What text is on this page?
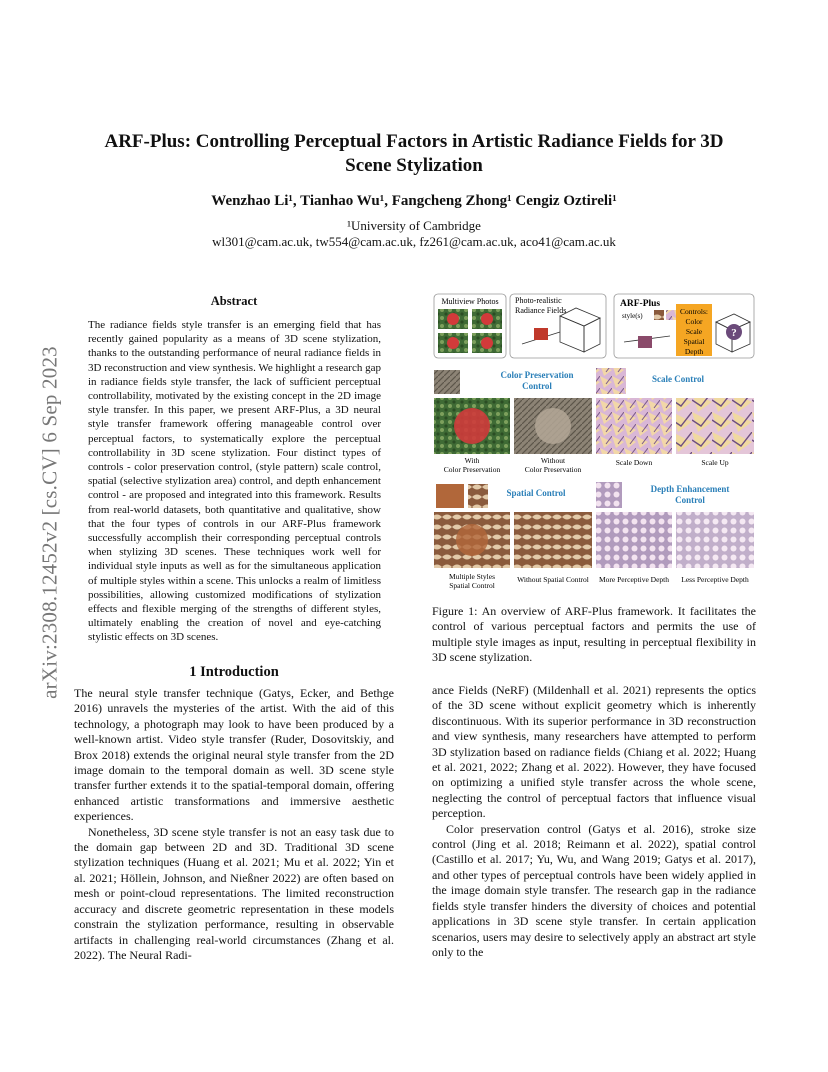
arXiv:2308.12452v2 [cs.CV] 6 Sep 2023
ARF-Plus: Controlling Perceptual Factors in Artistic Radiance Fields for 3D
Scene Stylization
Wenzhao Li¹, Tianhao Wu¹, Fangcheng Zhong¹ Cengiz Oztireli¹
¹University of Cambridge
wl301@cam.ac.uk, tw554@cam.ac.uk, fz261@cam.ac.uk, aco41@cam.ac.uk
Abstract
The radiance fields style transfer is an emerging field that has recently gained popularity as a means of 3D scene stylization, thanks to the outstanding performance of neural radiance fields in 3D reconstruction and view synthesis. We highlight a research gap in radiance fields style transfer, the lack of sufficient perceptual controllability, motivated by the existing concept in the 2D image style transfer. In this paper, we present ARF-Plus, a 3D neural style transfer framework offering manageable control over perceptual factors, to systematically explore the perceptual controllability in 3D scene stylization. Four distinct types of controls - color preservation control, (style pattern) scale control, spatial (selective stylization area) control, and depth enhancement control - are proposed and integrated into this framework. Results from real-world datasets, both quantitative and qualitative, show that the four types of controls in our ARF-Plus framework successfully accomplish their corresponding perceptual controls when stylizing 3D scenes. These techniques work well for individual style inputs as well as for the simultaneous application of multiple styles within a scene. This unlocks a realm of limitless possibilities, allowing customized modifications of stylization effects and flexible merging of the strengths of different styles, ultimately enabling the creation of novel and eye-catching stylistic effects on 3D scenes.
1 Introduction

The neural style transfer technique (Gatys, Ecker, and Bethge 2016) unravels the mysteries of the artist. With the aid of this technology, a photograph may look to have been produced by a well-known artist. Video style transfer (Ruder, Dosovitskiy, and Brox 2018) extends the original neural style transfer from the 2D image domain to the temporal domain as well. 3D scene style transfer further extends it to the spatial-temporal domain, offering enhanced artistic transformations and immersive aesthetic experiences.

Nonetheless, 3D scene style transfer is not an easy task due to the domain gap between 2D and 3D. Traditional 3D scene stylization techniques (Huang et al. 2021; Mu et al. 2022; Yin et al. 2021; Höllein, Johnson, and Nießner 2022) are often based on mesh or point-cloud representations. The limited reconstruction accuracy and discrete geometric representation in these models constrain the stylization performance, resulting in observable artifacts in challenging real-world circumstances (Zhang et al. 2022). The Neural Radi-

Multiview Photos Photo-realistic
Radiance Fields
ARF-Plus
style(s)	Controls:
Color
Scale
Spatial
Depth
?
Color Preservation
Control
With
Color Preservation
Without
Color Preservation
Scale Control
Scale Down	Scale Up
Spatial Control	Depth Enhancement
Control
Multiple Styles
Spatial Control
Without Spatial Control More Perceptive Depth Less Perceptive Depth
Figure 1: An overview of ARF-Plus framework. It facilitates the control of various perceptual factors and permits the use of multiple style images as input, resulting in perceptual flexibility in 3D scene stylization.

ance Fields (NeRF) (Mildenhall et al. 2021) represents the optics of the 3D scene without explicit geometry which is inherently discontinuous. With its superior performance in 3D reconstruction and view synthesis, many researchers have attempted to perform 3D stylization based on radiance fields (Chiang et al. 2022; Huang et al. 2021, 2022; Zhang et al. 2022). However, they have focused on optimizing a unified style transfer across the whole scene, neglecting the control of perceptual factors that influence visual perception.

Color preservation control (Gatys et al. 2016), stroke size control (Jing et al. 2018; Reimann et al. 2022), spatial control (Castillo et al. 2017; Yu, Wu, and Wang 2019; Gatys et al. 2017), and other types of perceptual controls have been widely applied in the image domain style transfer. The research gap in the radiance fields style transfer hinders the diversity of choices and potential applications in 3D scene style transfer. In certain application scenarios, users may desire to selectively apply an abstract art style only to the
